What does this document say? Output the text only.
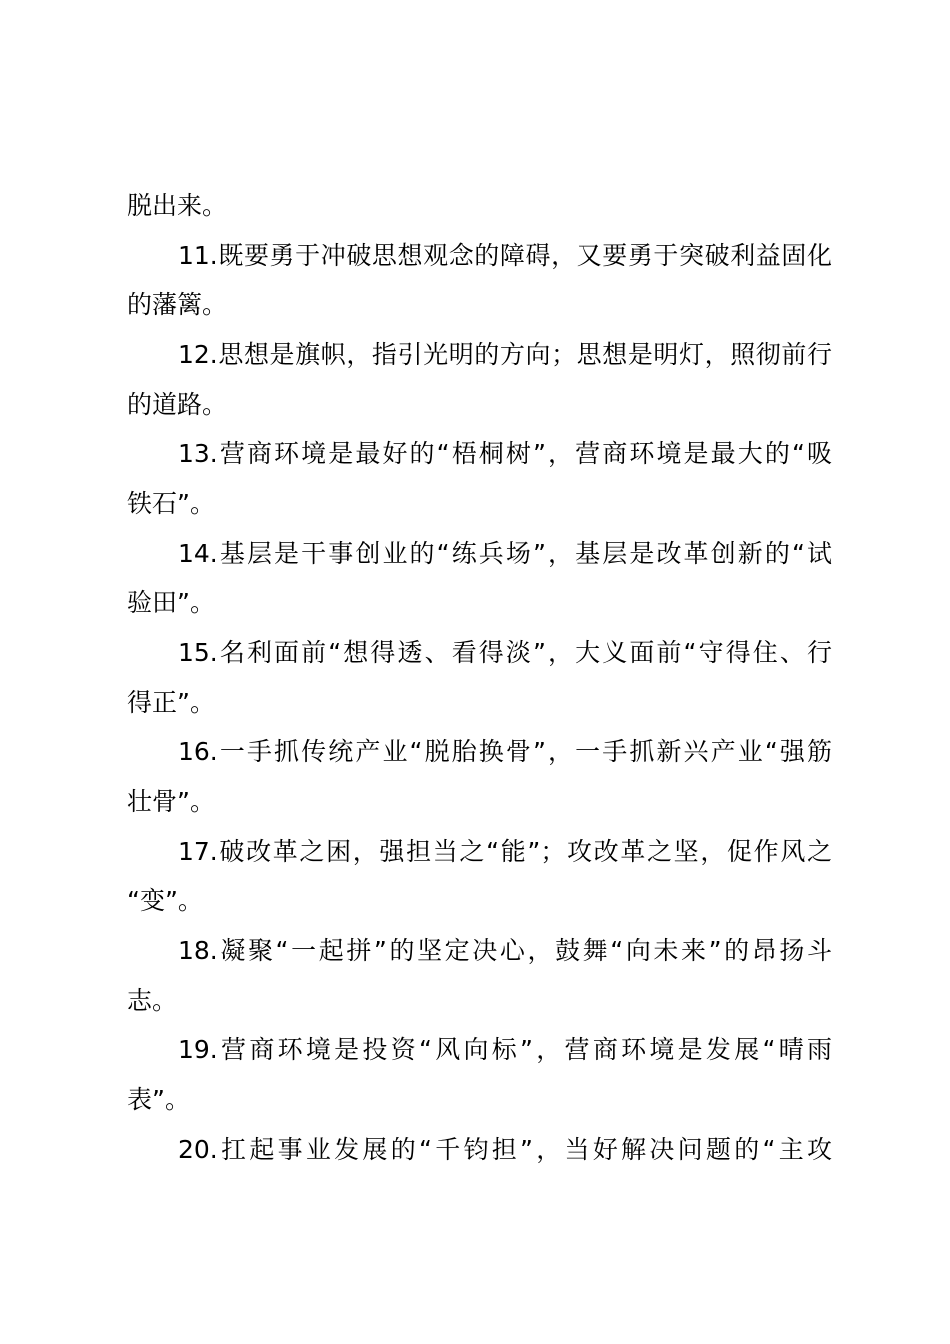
脱出来。
11.既要勇于冲破思想观念的障碍，又要勇于突破利益固化
的藩篱。
12.思想是旗帜，指引光明的方向；思想是明灯，照彻前行
的道路。
13.营商环境是最好的“梧桐树”，营商环境是最大的“吸
铁石”。
14.基层是干事创业的“练兵场”，基层是改革创新的“试
验田”。
15.名利面前“想得透、看得淡”，大义面前“守得住、行
得正”。
16.一手抓传统产业“脱胎换骨”，一手抓新兴产业“强筋
壮骨”。
17.破改革之困，强担当之“能”；攻改革之坚，促作风之
“变”。
18.凝聚“一起拼”的坚定决心，鼓舞“向未来”的昂扬斗
志。
19.营商环境是投资“风向标”，营商环境是发展“晴雨
表”。
20.扛起事业发展的“千钧担”，当好解决问题的“主攻
